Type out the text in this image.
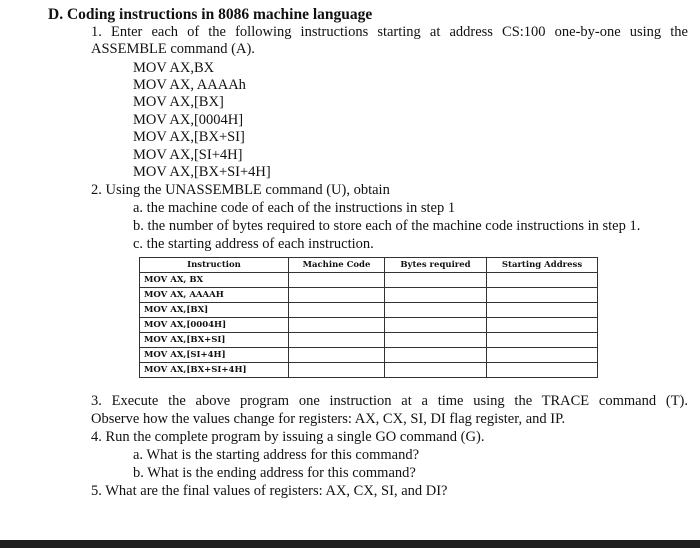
D. Coding instructions in 8086 machine language
1. Enter each of the following instructions starting at address CS:100 one-by-one using the
ASSEMBLE command (A).
MOV AX,BX
MOV AX, AAAAh
MOV AX,[BX]
MOV AX,[0004H]
MOV AX,[BX+SI]
MOV AX,[SI+4H]
MOV AX,[BX+SI+4H]
2. Using the UNASSEMBLE command (U), obtain
a. the machine code of each of the instructions in step 1
b. the number of bytes required to store each of the machine code instructions in step 1.
c. the starting address of each instruction.
Instruction	Machine Code	Bytes required	Starting Address
MOV AX, BX			
MOV AX, AAAAH			
MOV AX,[BX]			
MOV AX,[0004H]			
MOV AX,[BX+SI]			
MOV AX,[SI+4H]			
MOV AX,[BX+SI+4H]			
3. Execute the above program one instruction at a time using the TRACE command (T).
Observe how the values change for registers: AX, CX, SI, DI flag register, and IP.
4. Run the complete program by issuing a single GO command (G).
a. What is the starting address for this command?
b. What is the ending address for this command?
5. What are the final values of registers: AX, CX, SI, and DI?
